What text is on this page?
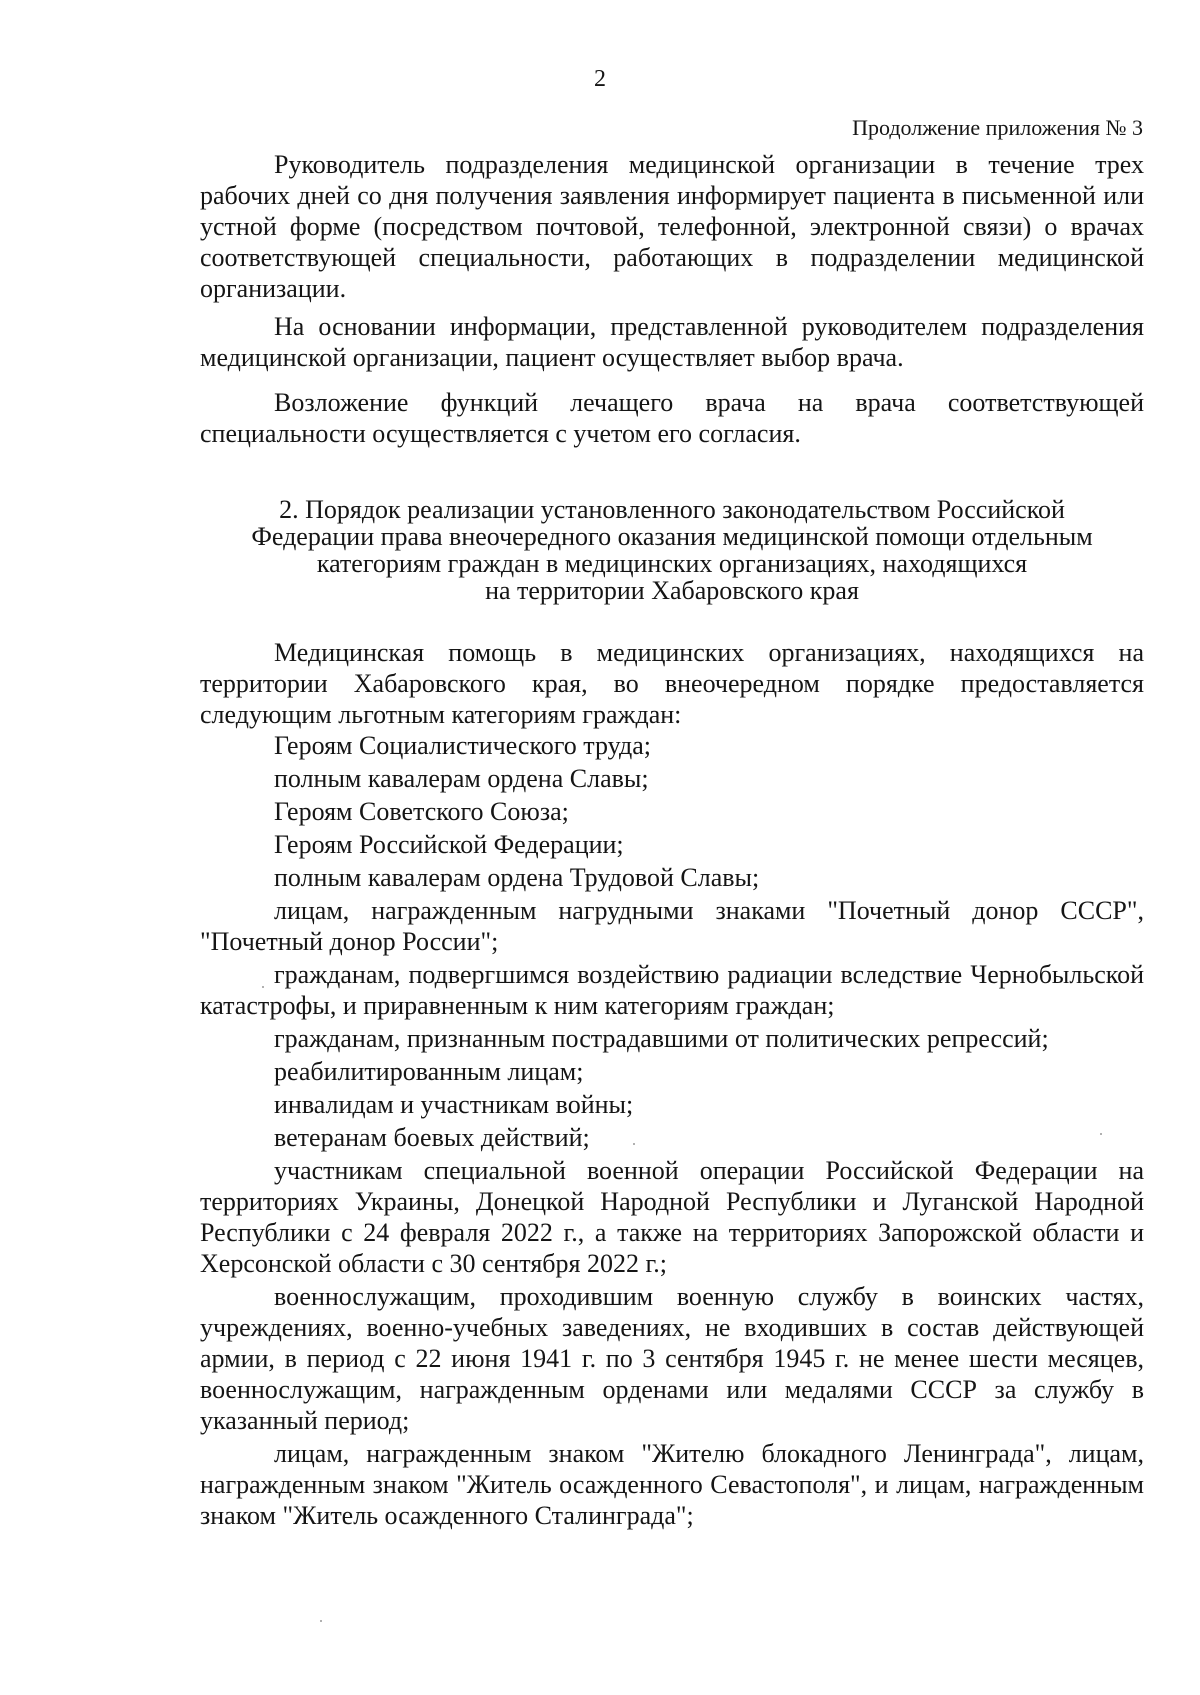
2
Продолжение приложения № 3

Руководитель подразделения медицинской организации в течение трех рабочих дней со дня получения заявления информирует пациента в письменной или устной форме (посредством почтовой, телефонной, электронной связи) о врачах соответствующей специальности, работающих в подразделении медицинской организации.

На основании информации, представленной руководителем подразделения медицинской организации, пациент осуществляет выбор врача.

Возложение функций лечащего врача на врача соответствующей специальности осуществляется с учетом его согласия.

2. Порядок реализации установленного законодательством Российской

Федерации права внеочередного оказания медицинской помощи отдельным

категориям граждан в медицинских организациях, находящихся

на территории Хабаровского края

Медицинская помощь в медицинских организациях, находящихся на территории Хабаровского края, во внеочередном порядке предоставляется следующим льготным категориям граждан:

Героям Социалистического труда;

полным кавалерам ордена Славы;

Героям Советского Союза;

Героям Российской Федерации;

полным кавалерам ордена Трудовой Славы;

лицам, награжденным нагрудными знаками "Почетный донор СССР", "Почетный донор России";

гражданам, подвергшимся воздействию радиации вследствие Чернобыльской катастрофы, и приравненным к ним категориям граждан;

гражданам, признанным пострадавшими от политических репрессий;

реабилитированным лицам;

инвалидам и участникам войны;

ветеранам боевых действий;

участникам специальной военной операции Российской Федерации на территориях Украины, Донецкой Народной Республики и Луганской Народной Республики с 24 февраля 2022 г., а также на территориях Запорожской области и Херсонской области с 30 сентября 2022 г.;

военнослужащим, проходившим военную службу в воинских частях, учреждениях, военно-учебных заведениях, не входивших в состав действующей армии, в период с 22 июня 1941 г. по 3 сентября 1945 г. не менее шести месяцев, военнослужащим, награжденным орденами или медалями СССР за службу в указанный период;

лицам, награжденным знаком "Жителю блокадного Ленинграда", лицам, награжденным знаком "Житель осажденного Севастополя", и лицам, награжденным знаком "Житель осажденного Сталинграда";
